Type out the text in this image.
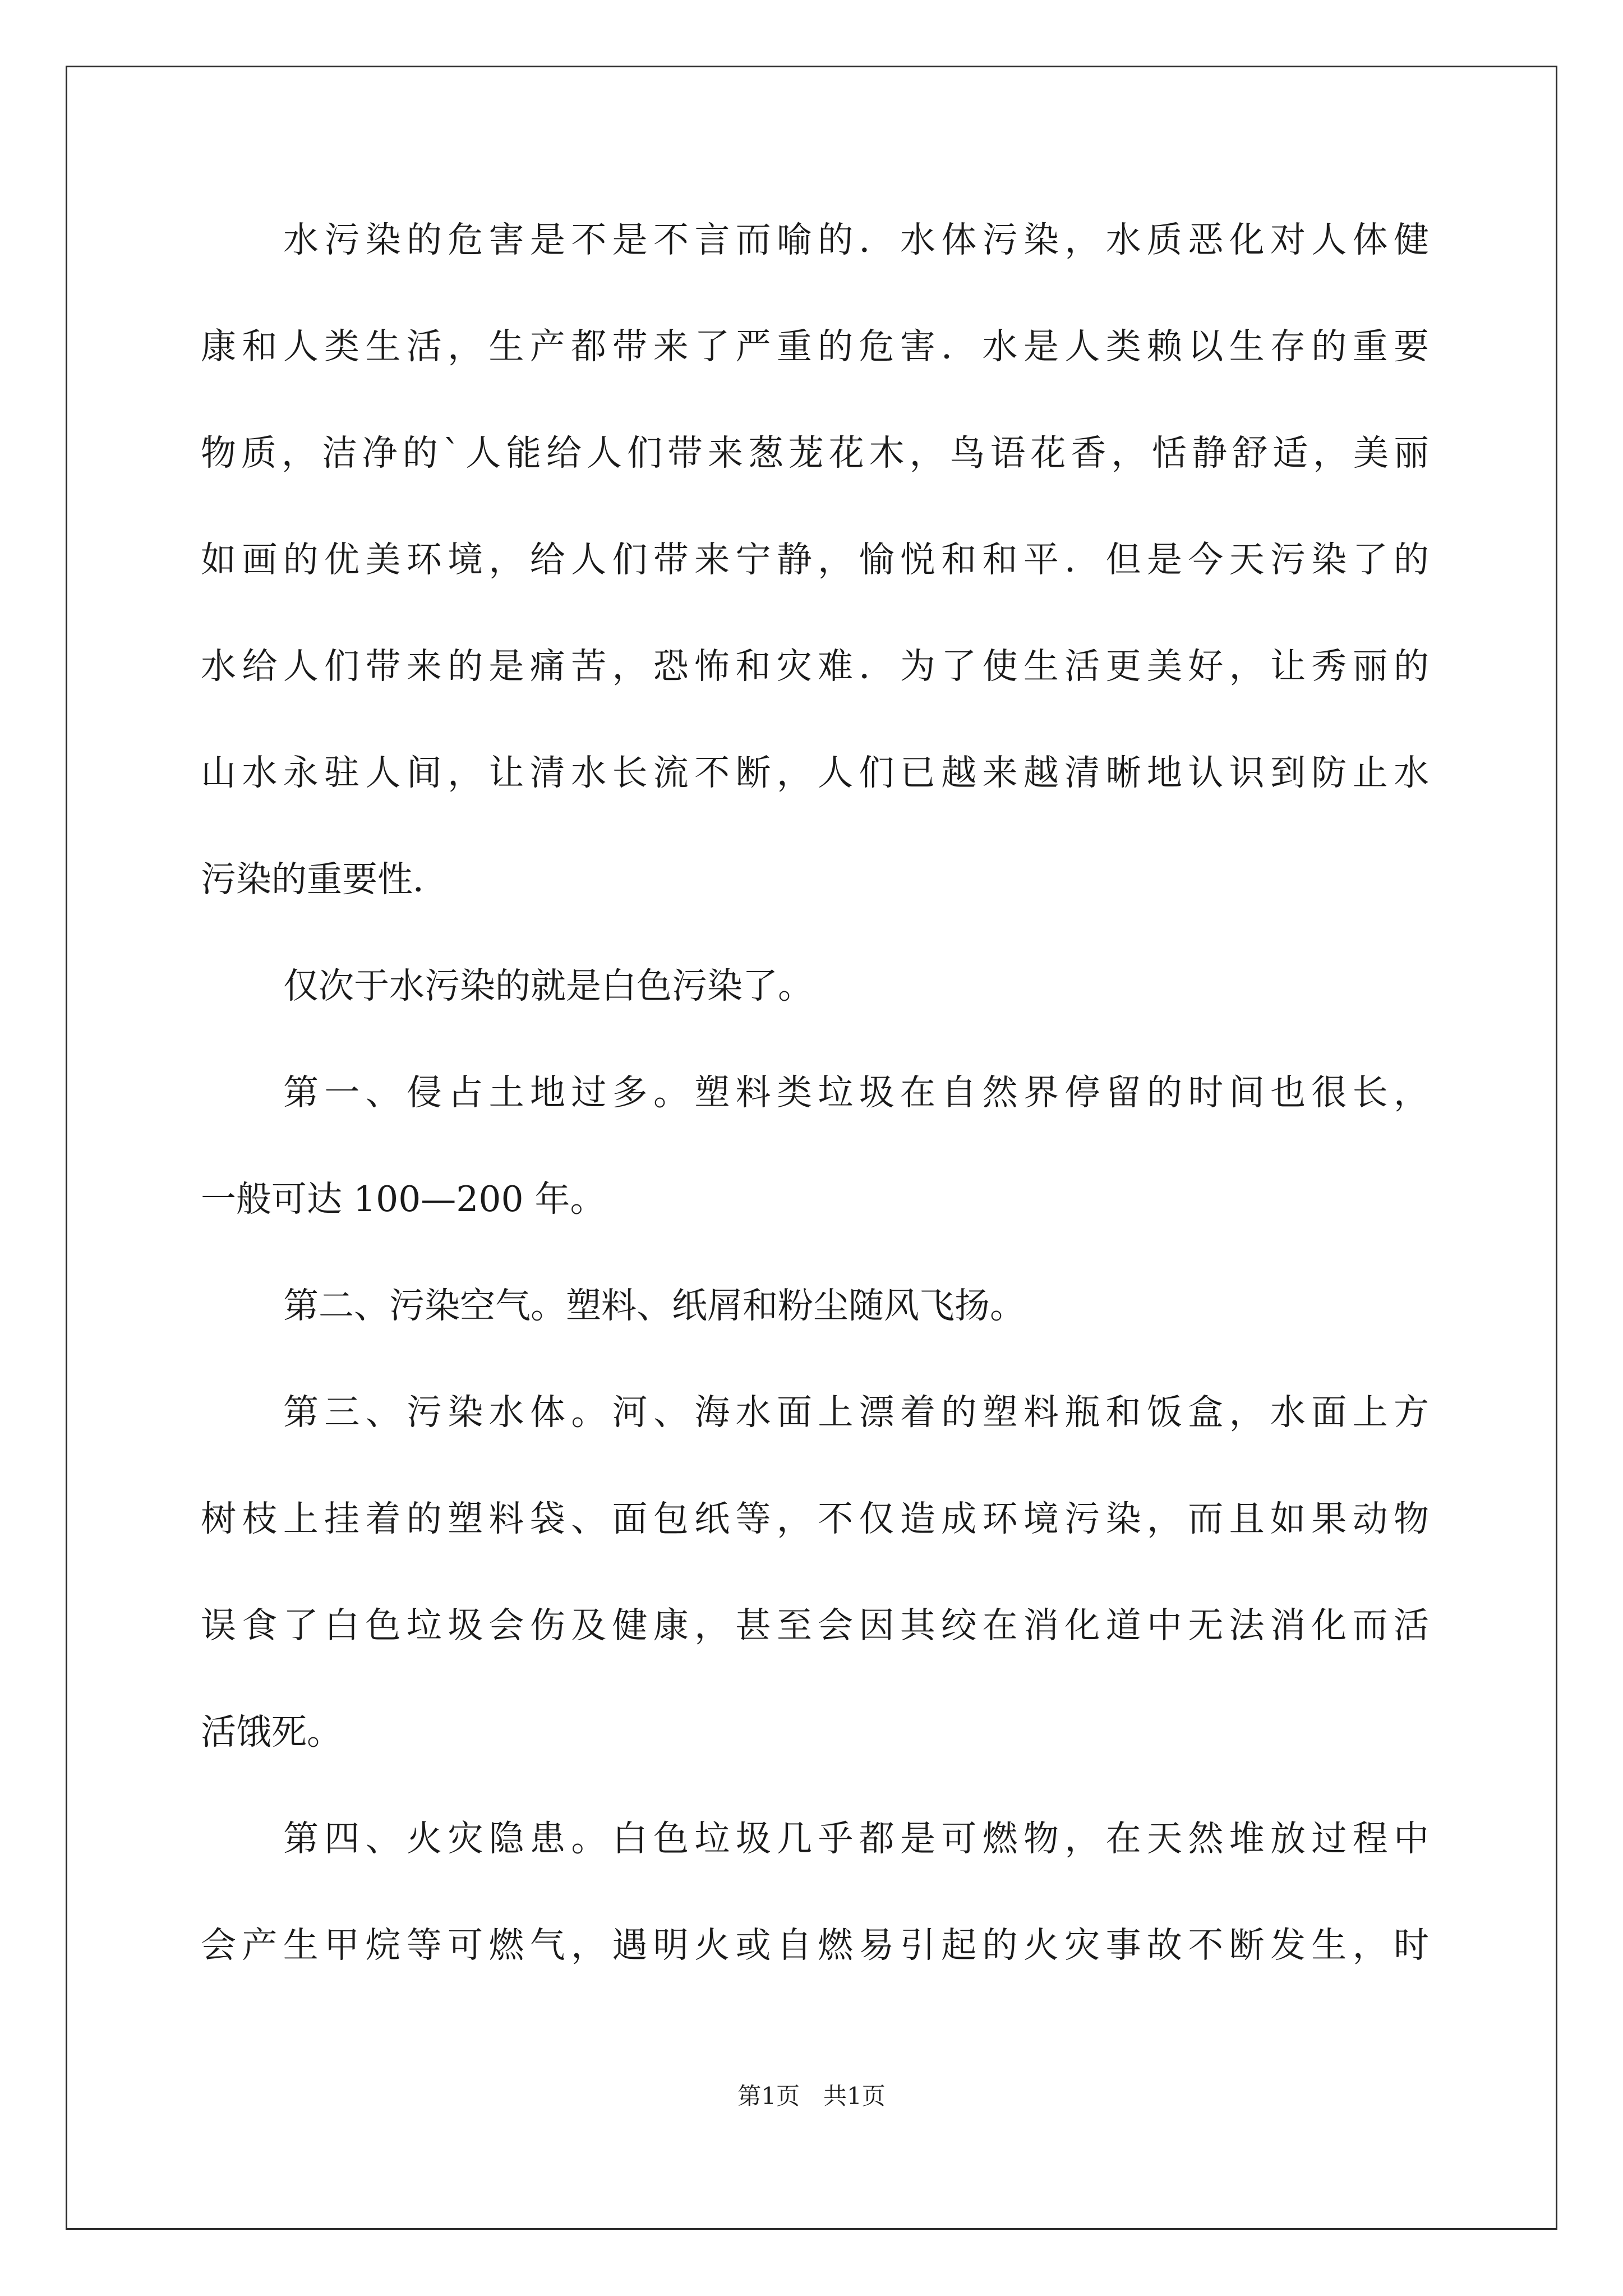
水污染的危害是不是不言而喻的．水体污染，水质恶化对人体健
康和人类生活，生产都带来了严重的危害．水是人类赖以生存的重要
物质，洁净的`人能给人们带来葱茏花木，鸟语花香，恬静舒适，美丽
如画的优美环境，给人们带来宁静，愉悦和和平．但是今天污染了的
水给人们带来的是痛苦，恐怖和灾难．为了使生活更美好，让秀丽的
山水永驻人间，让清水长流不断，人们已越来越清晰地认识到防止水
污染的重要性．
仅次于水污染的就是白色污染了。
第一、侵占土地过多。塑料类垃圾在自然界停留的时间也很长，
一般可达 100—200 年。
第二、污染空气。塑料、纸屑和粉尘随风飞扬。
第三、污染水体。河、海水面上漂着的塑料瓶和饭盒，水面上方
树枝上挂着的塑料袋、面包纸等，不仅造成环境污染，而且如果动物
误食了白色垃圾会伤及健康，甚至会因其绞在消化道中无法消化而活
活饿死。
第四、火灾隐患。白色垃圾几乎都是可燃物，在天然堆放过程中
会产生甲烷等可燃气，遇明火或自燃易引起的火灾事故不断发生，时
第1页　共1页
